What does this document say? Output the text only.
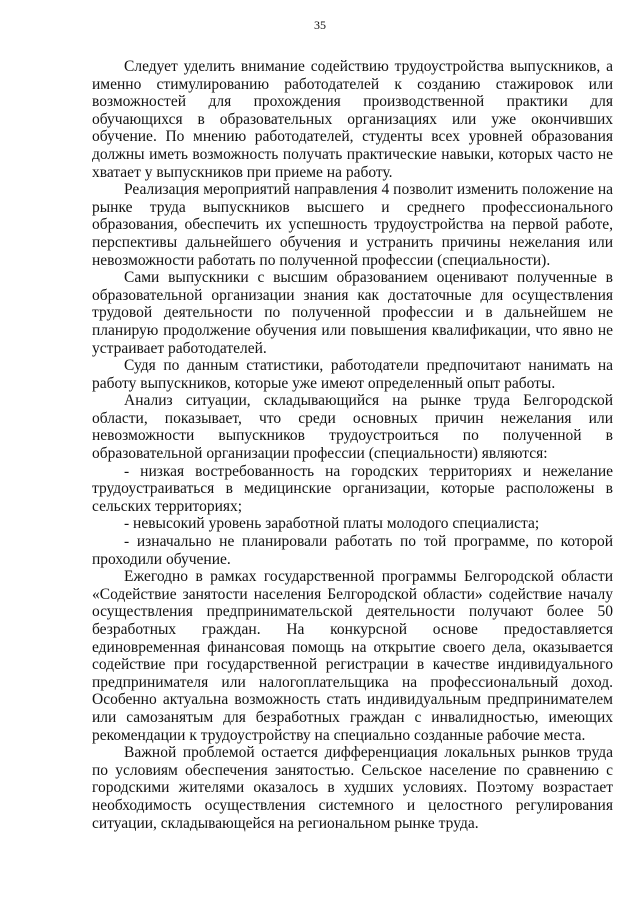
35

Следует уделить внимание содействию трудоустройства выпускников, а именно стимулированию работодателей к созданию стажировок или возможностей для прохождения производственной практики для обучающихся в образовательных организациях или уже окончивших обучение. По мнению работодателей, студенты всех уровней образования должны иметь возможность получать практические навыки, которых часто не хватает у выпускников при приеме на работу.

Реализация мероприятий направления 4 позволит изменить положение на рынке труда выпускников высшего и среднего профессионального образования, обеспечить их успешность трудоустройства на первой работе, перспективы дальнейшего обучения и устранить причины нежелания или невозможности работать по полученной профессии (специальности).

Сами выпускники с высшим образованием оценивают полученные в образовательной организации знания как достаточные для осуществления трудовой деятельности по полученной профессии и в дальнейшем не планирую продолжение обучения или повышения квалификации, что явно не устраивает работодателей.

Судя по данным статистики, работодатели предпочитают нанимать на работу выпускников, которые уже имеют определенный опыт работы.

Анализ ситуации, складывающийся на рынке труда Белгородской области, показывает, что среди основных причин нежелания или невозможности выпускников трудоустроиться по полученной в образовательной организации профессии (специальности) являются:

- низкая востребованность на городских территориях и нежелание трудоустраиваться в медицинские организации, которые расположены в сельских территориях;

- невысокий уровень заработной платы молодого специалиста;

- изначально не планировали работать по той программе, по которой проходили обучение.

Ежегодно в рамках государственной программы Белгородской области «Содействие занятости населения Белгородской области» содействие началу осуществления предпринимательской деятельности получают более 50 безработных граждан. На конкурсной основе предоставляется единовременная финансовая помощь на открытие своего дела, оказывается содействие при государственной регистрации в качестве индивидуального предпринимателя или налогоплательщика на профессиональный доход. Особенно актуальна возможность стать индивидуальным предпринимателем или самозанятым для безработных граждан с инвалидностью, имеющих рекомендации к трудоустройству на специально созданные рабочие места.

Важной проблемой остается дифференциация локальных рынков труда по условиям обеспечения занятостью. Сельское население по сравнению с городскими жителями оказалось в худших условиях. Поэтому возрастает необходимость осуществления системного и целостного регулирования ситуации, складывающейся на региональном рынке труда.
